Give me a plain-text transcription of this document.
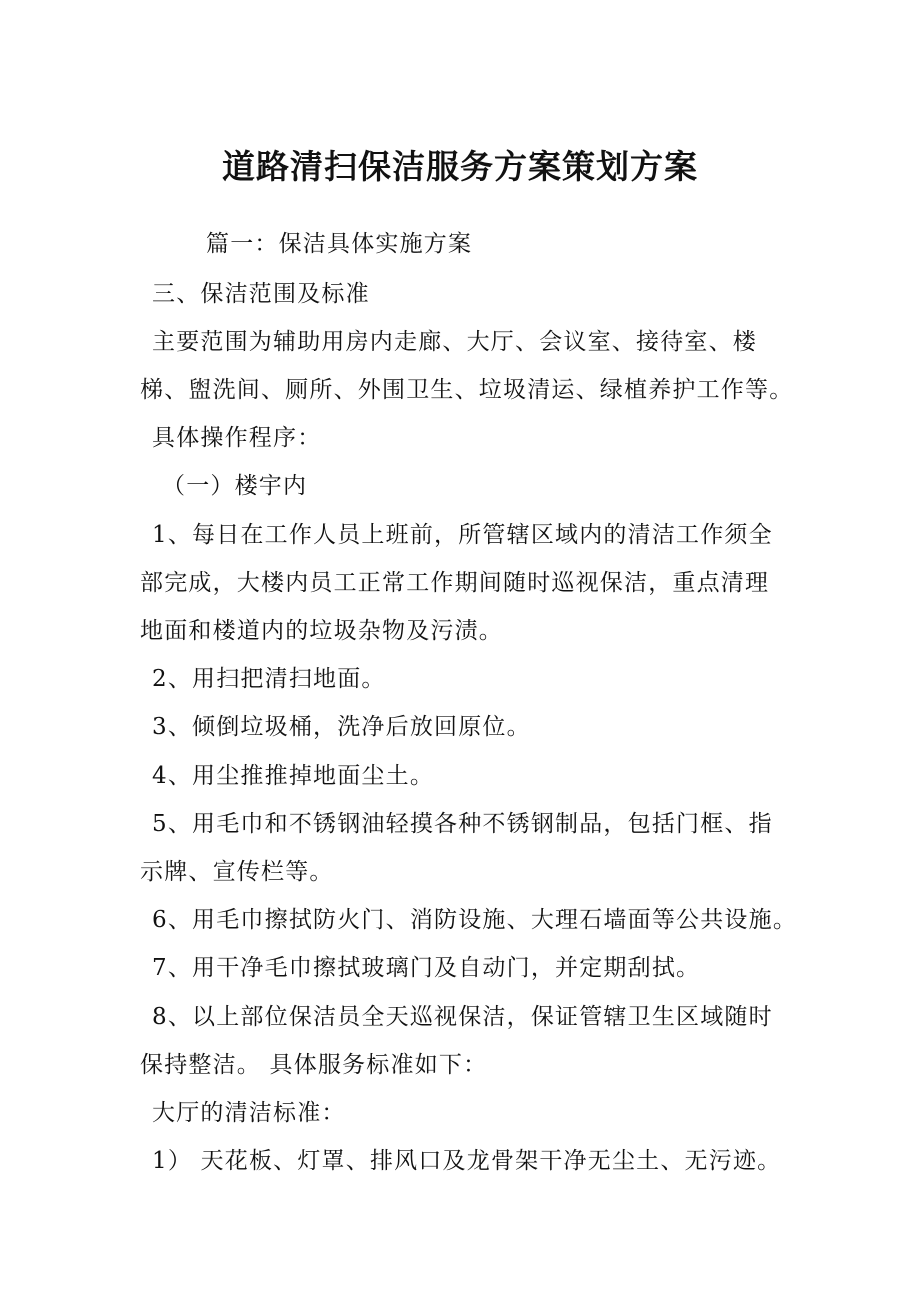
道路清扫保洁服务方案策划方案
篇一：保洁具体实施方案
三、保洁范围及标准
主要范围为辅助用房内走廊、大厅、会议室、接待室、楼
梯、盥洗间、厕所、外围卫生、垃圾清运、绿植养护工作等。
具体操作程序：
（一）楼宇内
1、每日在工作人员上班前，所管辖区域内的清洁工作须全
部完成，大楼内员工正常工作期间随时巡视保洁，重点清理
地面和楼道内的垃圾杂物及污渍。
2、用扫把清扫地面。
3、倾倒垃圾桶，洗净后放回原位。
4、用尘推推掉地面尘土。
5、用毛巾和不锈钢油轻摸各种不锈钢制品，包括门框、指
示牌、宣传栏等。
6、用毛巾擦拭防火门、消防设施、大理石墙面等公共设施。
7、用干净毛巾擦拭玻璃门及自动门，并定期刮拭。
8、以上部位保洁员全天巡视保洁，保证管辖卫生区域随时
保持整洁。 具体服务标准如下：
大厅的清洁标准：
1） 天花板、灯罩、排风口及龙骨架干净无尘土、无污迹。
